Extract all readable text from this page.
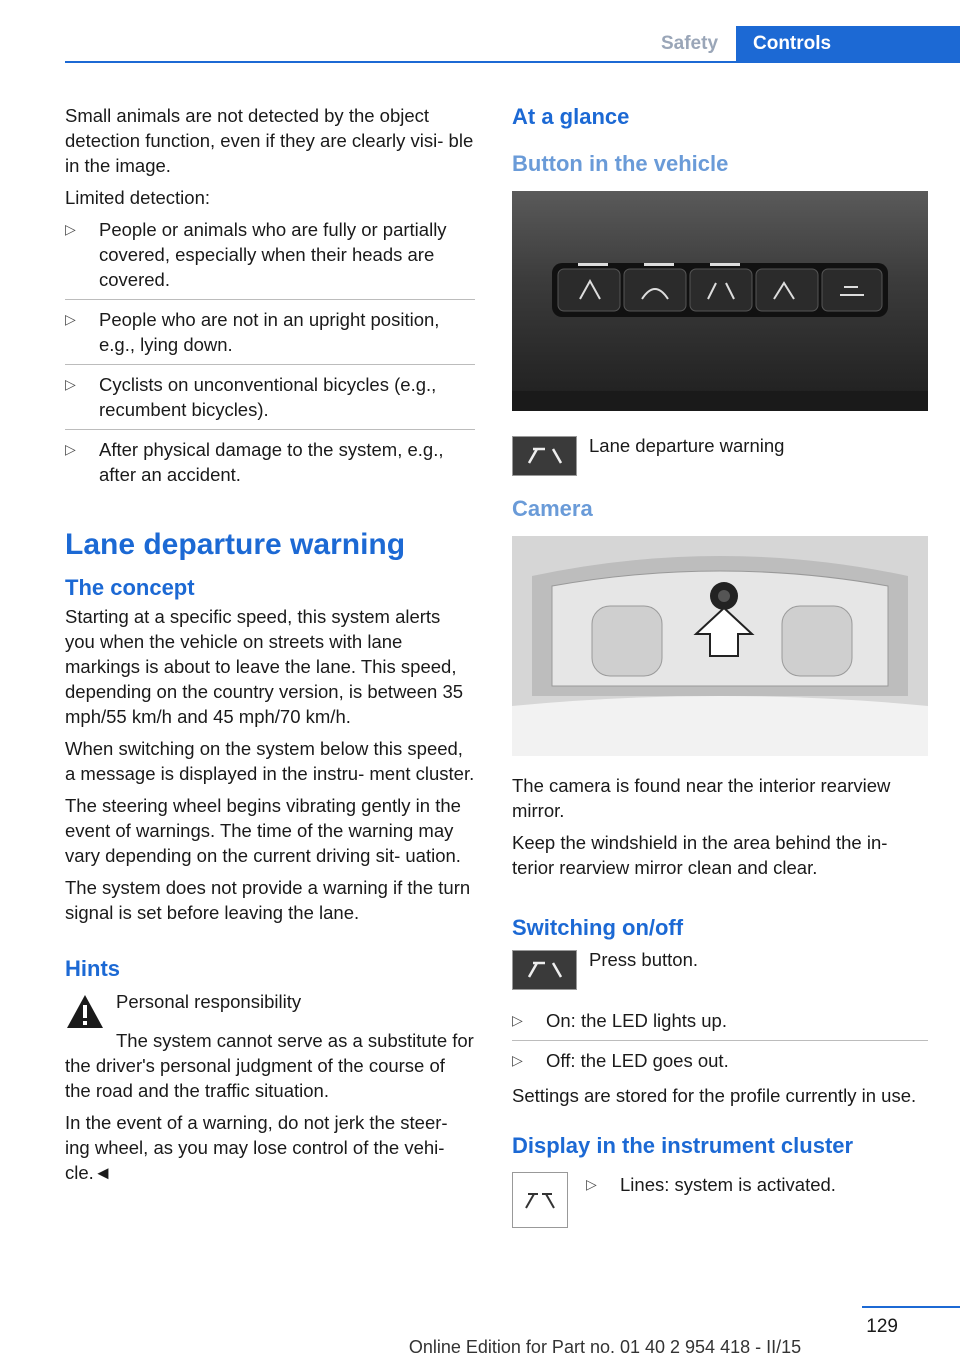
Safety	Controls

Small animals are not detected by the object detection function, even if they are clearly visi- ble in the image.

Limited detection:

▷ People or animals who are fully or partially covered, especially when their heads are covered.
▷ People who are not in an upright position, e.g., lying down.
▷ Cyclists on unconventional bicycles (e.g., recumbent bicycles).
▷ After physical damage to the system, e.g., after an accident.
Lane departure warning
The concept

Starting at a specific speed, this system alerts you when the vehicle on streets with lane markings is about to leave the lane. This speed, depending on the country version, is between 35 mph/55 km/h and 45 mph/70 km/h.

When switching on the system below this speed, a message is displayed in the instru- ment cluster.

The steering wheel begins vibrating gently in the event of warnings. The time of the warning may vary depending on the current driving sit- uation.

The system does not provide a warning if the turn signal is set before leaving the lane.

Hints

Personal responsibility

The system cannot serve as a substitute for the driver's personal judgment of the course of the road and the traffic situation.

In the event of a warning, do not jerk the steer- ing wheel, as you may lose control of the vehi- cle.◄

At a glance
Button in the vehicle

Lane departure warning

Camera

The camera is found near the interior rearview mirror.

Keep the windshield in the area behind the in- terior rearview mirror clean and clear.

Switching on/off

Press button.

▷ On: the LED lights up.
▷ Off: the LED goes out.

Settings are stored for the profile currently in use.

Display in the instrument cluster
▷ Lines: system is activated.
129
Online Edition for Part no. 01 40 2 954 418 - II/15
